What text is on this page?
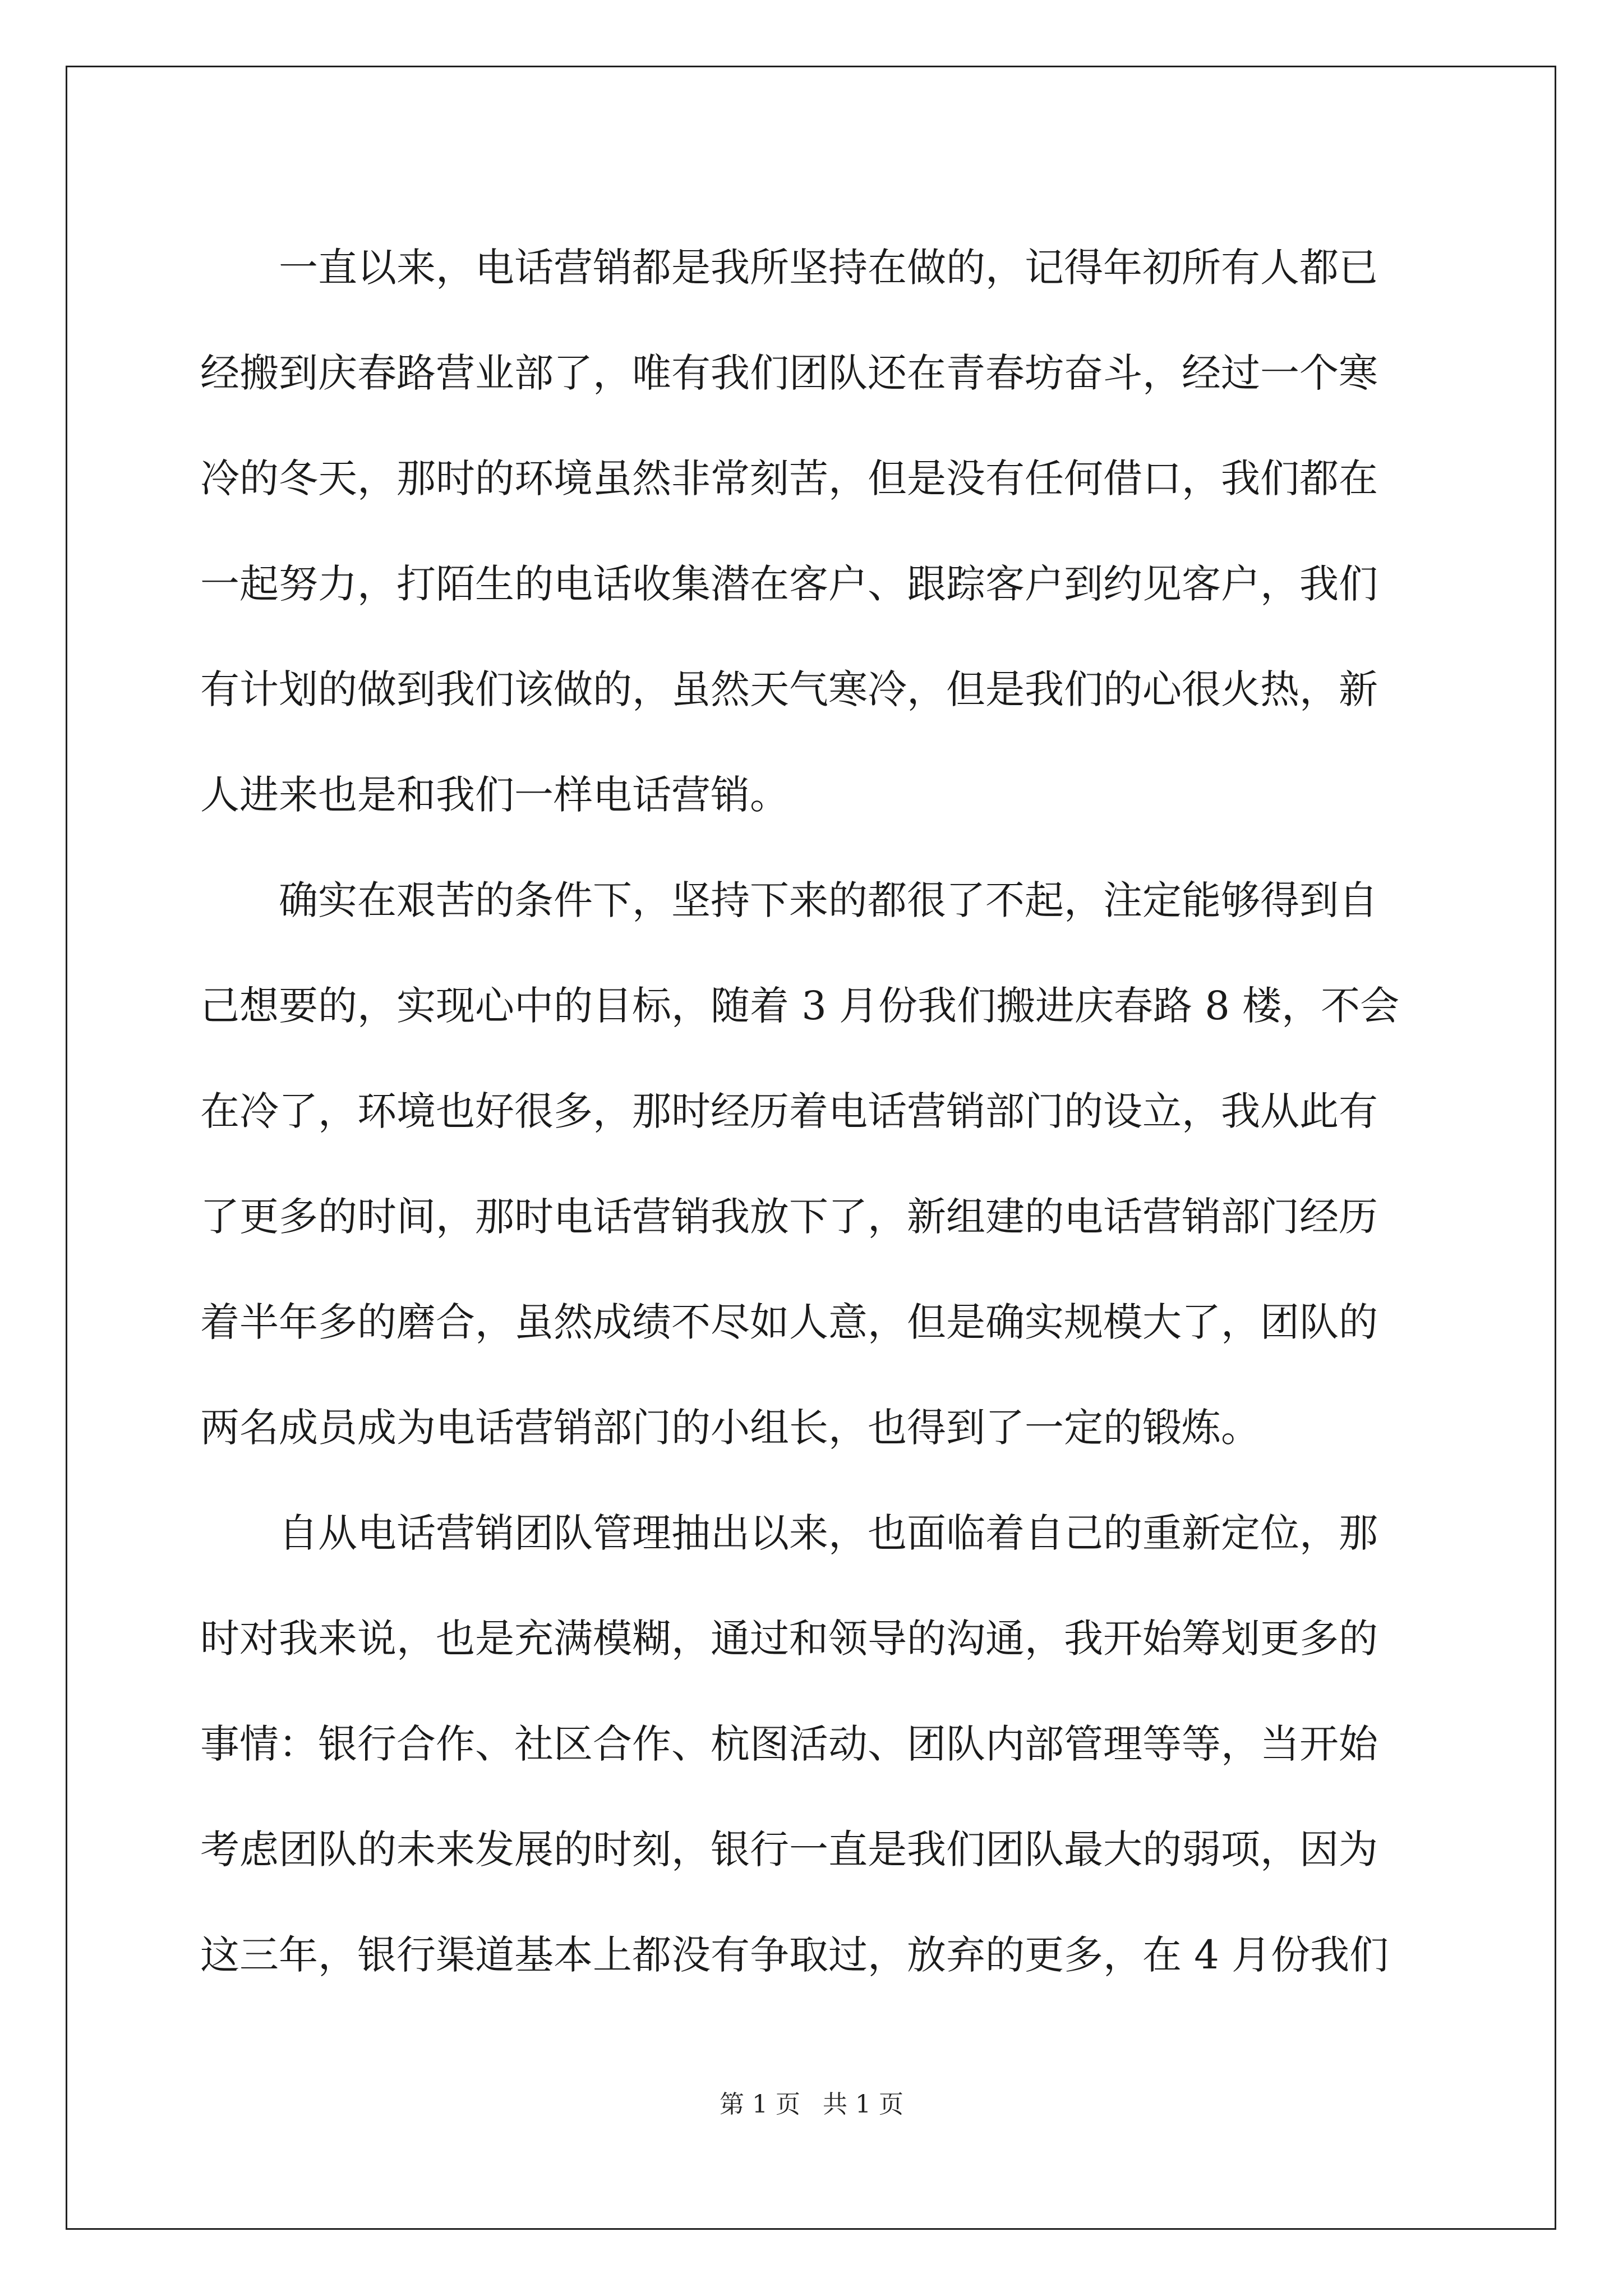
一直以来，电话营销都是我所坚持在做的，记得年初所有人都已
经搬到庆春路营业部了，唯有我们团队还在青春坊奋斗，经过一个寒
冷的冬天，那时的环境虽然非常刻苦，但是没有任何借口，我们都在
一起努力，打陌生的电话收集潜在客户、跟踪客户到约见客户，我们
有计划的做到我们该做的，虽然天气寒冷，但是我们的心很火热，新
人进来也是和我们一样电话营销。
确实在艰苦的条件下，坚持下来的都很了不起，注定能够得到自
己想要的，实现心中的目标，随着 3 月份我们搬进庆春路 8 楼，不会
在冷了，环境也好很多，那时经历着电话营销部门的设立，我从此有
了更多的时间，那时电话营销我放下了，新组建的电话营销部门经历
着半年多的磨合，虽然成绩不尽如人意，但是确实规模大了，团队的
两名成员成为电话营销部门的小组长，也得到了一定的锻炼。
自从电话营销团队管理抽出以来，也面临着自己的重新定位，那
时对我来说，也是充满模糊，通过和领导的沟通，我开始筹划更多的
事情：银行合作、社区合作、杭图活动、团队内部管理等等，当开始
考虑团队的未来发展的时刻，银行一直是我们团队最大的弱项，因为
这三年，银行渠道基本上都没有争取过，放弃的更多，在 4 月份我们
第 1 页 共 1 页
